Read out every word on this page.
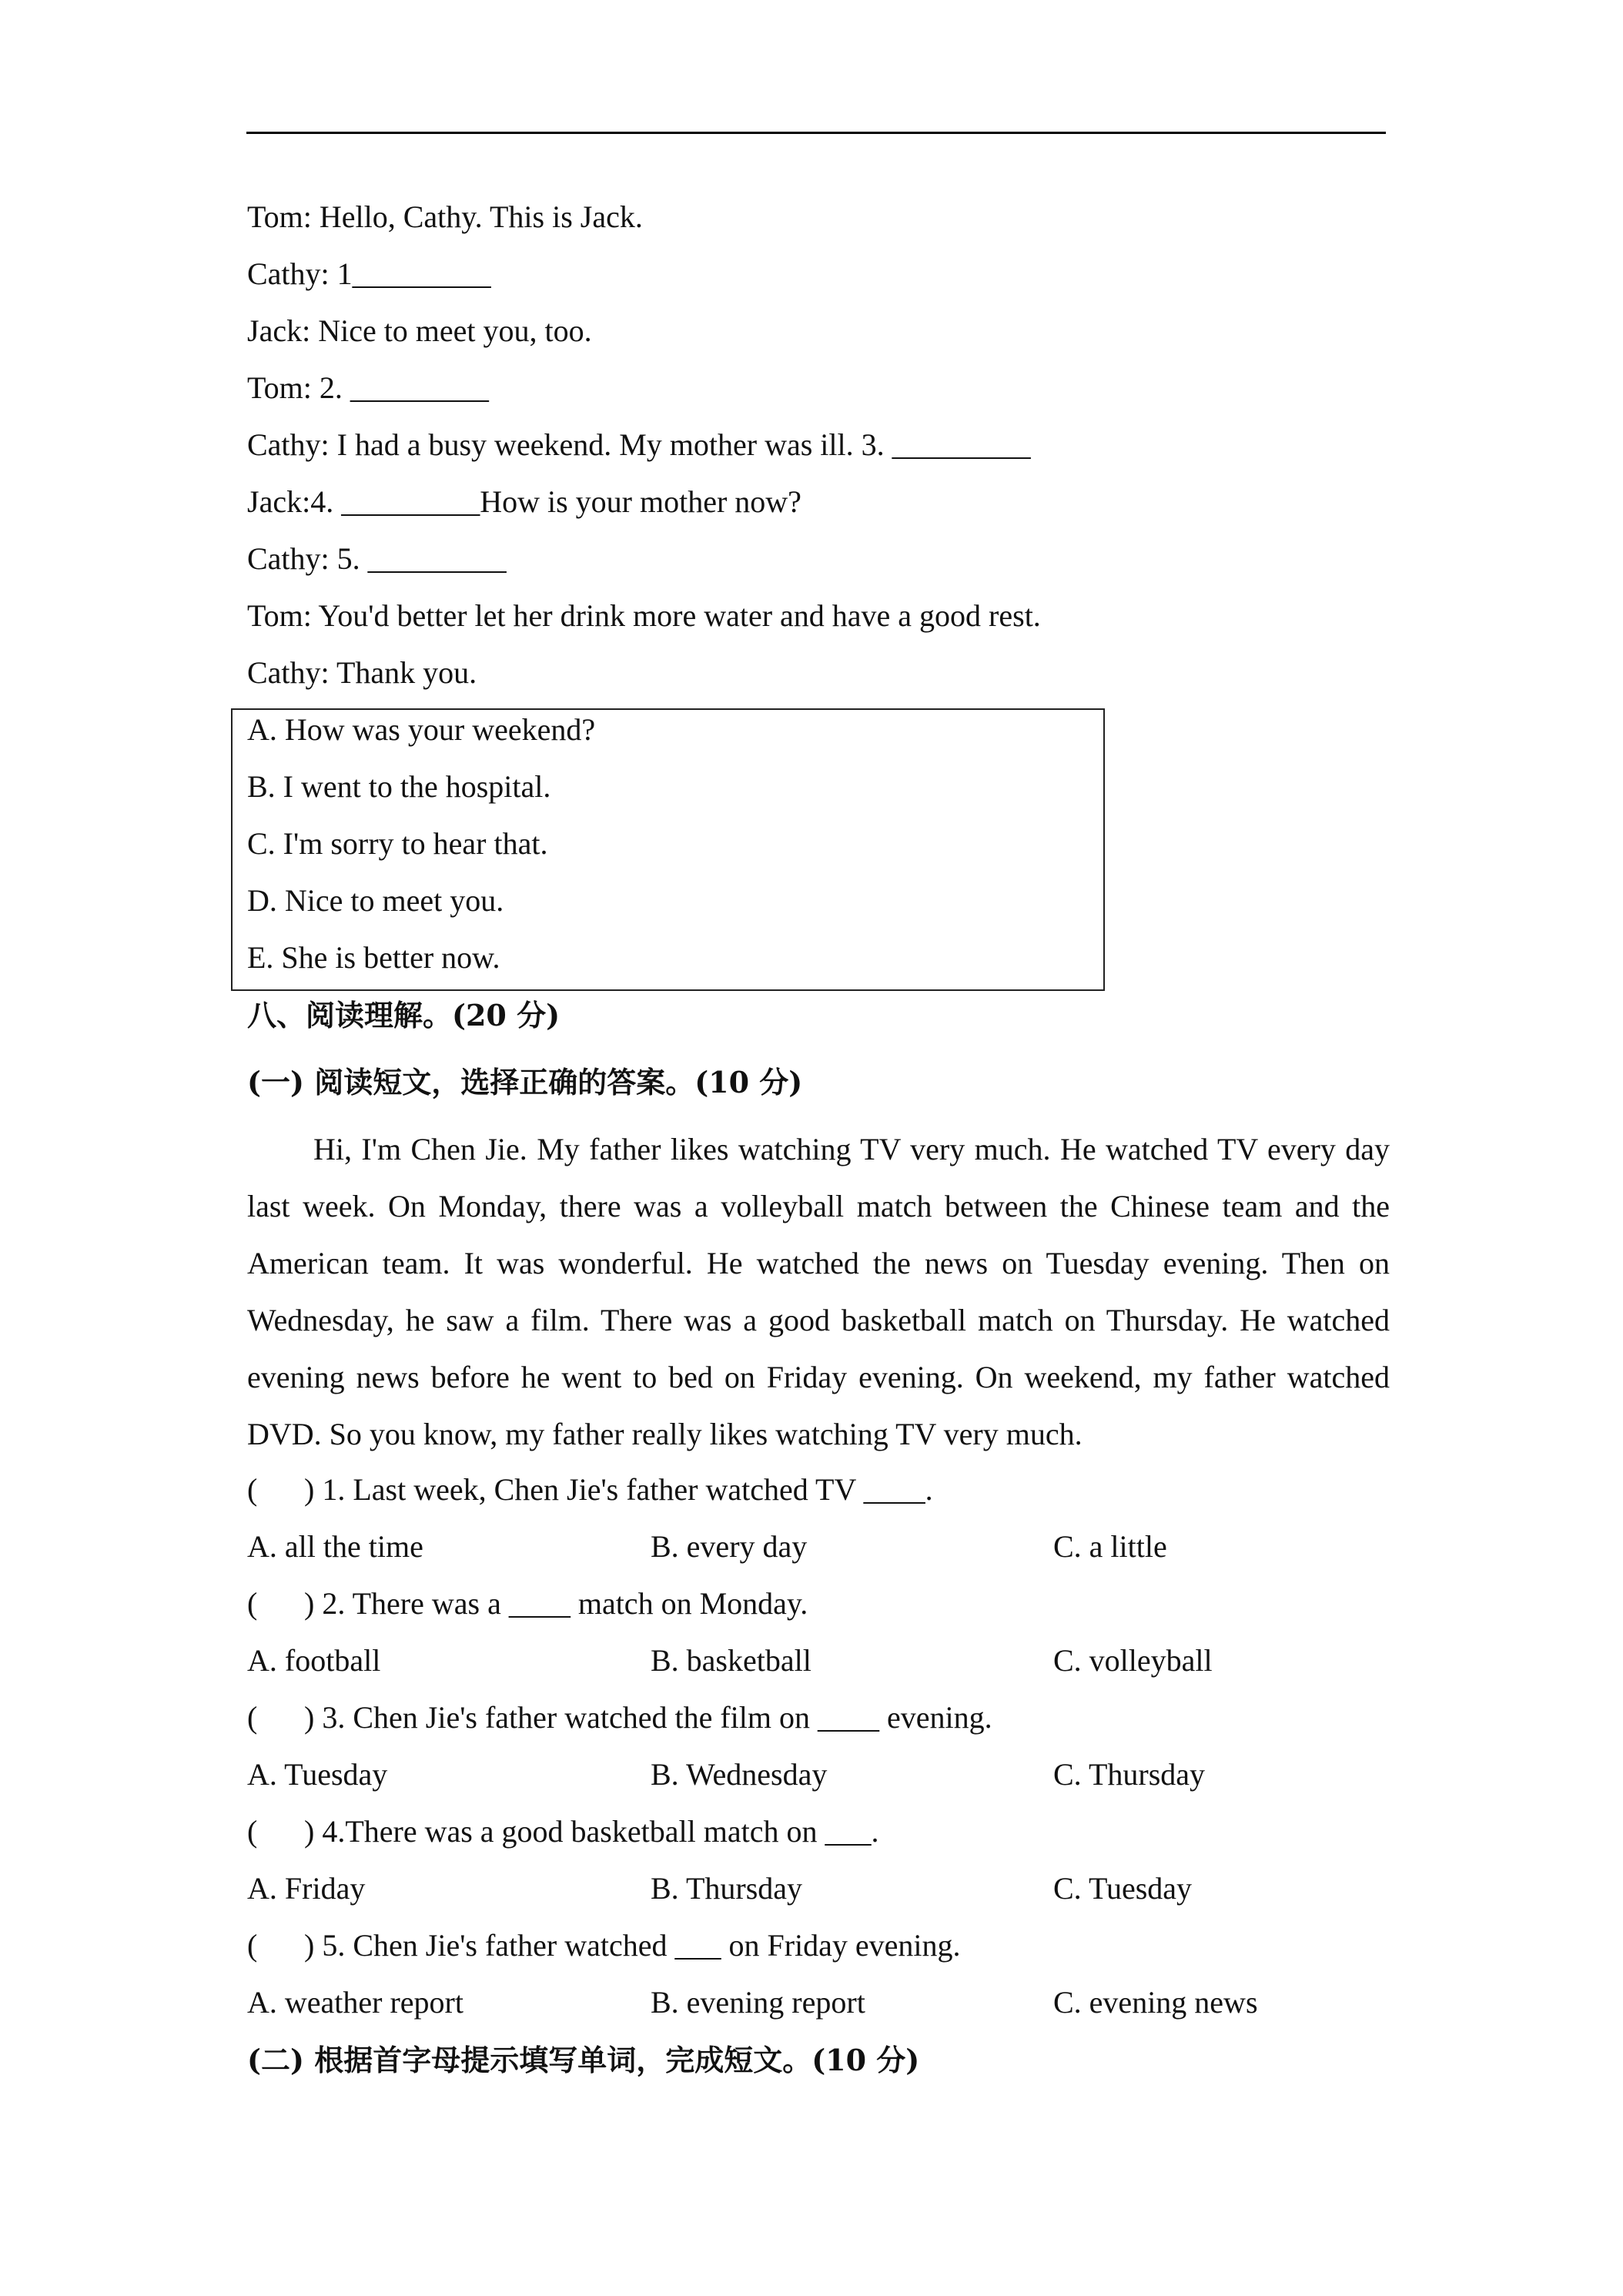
Tom: Hello, Cathy. This is Jack.
Cathy: 1_________
Jack: Nice to meet you, too.
Tom: 2. _________
Cathy: I had a busy weekend. My mother was ill. 3. _________
Jack:4. _________How is your mother now?
Cathy: 5. _________
Tom: You'd better let her drink more water and have a good rest.
Cathy: Thank you.
A. How was your weekend?
B. I went to the hospital.
C. I'm sorry to hear that.
D. Nice to meet you.
E. She is better now.
八、阅读理解。(20 分)
(一) 阅读短文，选择正确的答案。(10 分)
Hi, I'm Chen Jie. My father likes watching TV very much. He watched TV every day last week. On Monday, there was a volleyball match between the Chinese team and the American team. It was wonderful. He watched the news on Tuesday evening. Then on Wednesday, he saw a film. There was a good basketball match on Thursday. He watched evening news before he went to bed on Friday evening. On weekend, my father watched DVD. So you know, my father really likes watching TV very much.
( ) 1. Last week, Chen Jie's father watched TV ____.
A. all the time	B. every day	C. a little
( ) 2. There was a ____ match on Monday.
A. football	B. basketball	C. volleyball
( ) 3. Chen Jie's father watched the film on ____ evening.
A. Tuesday	B. Wednesday	C. Thursday
( ) 4.There was a good basketball match on ___.
A. Friday	B. Thursday	C. Tuesday
( ) 5. Chen Jie's father watched ___ on Friday evening.
A. weather report	B. evening report	C. evening news
(二) 根据首字母提示填写单词，完成短文。(10 分)
